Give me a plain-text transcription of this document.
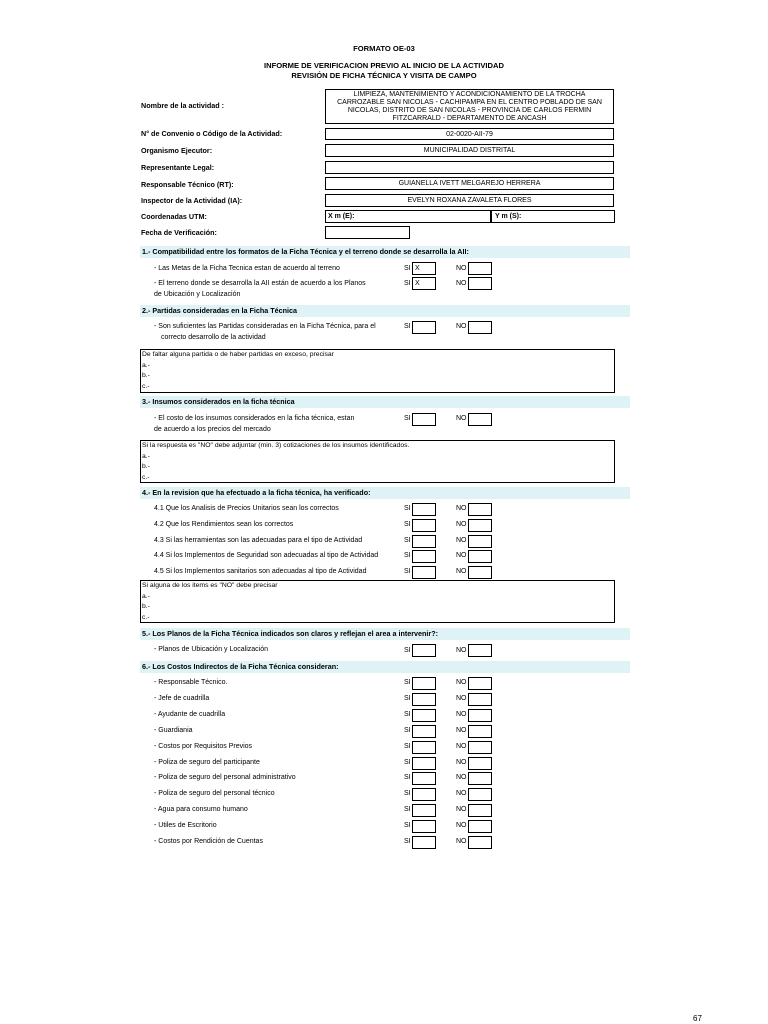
FORMATO OE-03
INFORME DE VERIFICACION PREVIO AL INICIO DE LA ACTIVIDAD
REVISIÓN DE FICHA TÉCNICA Y VISITA DE CAMPO
Nombre de la actividad :
LIMPIEZA, MANTENIMIENTO Y ACONDICIONAMIENTO DE LA TROCHA CARROZABLE SAN NICOLAS - CACHIPAMPA EN EL CENTRO POBLADO DE SAN NICOLAS, DISTRITO DE SAN NICOLAS - PROVINCIA DE CARLOS FERMIN FITZCARRALD - DEPARTAMENTO DE ANCASH
N° de Convenio o Código de la Actividad:	02-0020-AII-79
Organismo Ejecutor:	MUNICIPALIDAD DISTRITAL
Representante Legal:
Responsable Técnico (RT):	GUIANELLA IVETT MELGAREJO HERRERA
Inspector de la Actividad (IA):	EVELYN ROXANA ZAVALETA FLORES
Coordenadas UTM:	X m (E):	Y m (S):
Fecha de Verificación:
1.- Compatibilidad entre los formatos de la Ficha Técnica y el terreno donde se desarrolla la AII:
- Las Metas de la Ficha Tecnica estan de acuerdo al terreno	SI X	NO
- El terreno donde se desarrolla la AII están de acuerdo a los Planos
de Ubicación y Localización
SI X	NO
2.- Partidas consideradas en la Ficha Técnica
- Son suficientes las Partidas consideradas en la Ficha Técnica, para el
correcto desarrollo de la actividad
SI	NO
De faltar alguna partida o de haber partidas en exceso, precisar
a.-
b.-
c.-
3.- Insumos considerados en la ficha técnica
- El costo de los insumos considerados en la ficha técnica, estan
de acuerdo a los precios del mercado
SI	NO
Si la respuesta es "NO" debe adjuntar (min. 3) cotizaciones de los insumos identificados.
a.-
b.-
c.-
4.- En la revision que ha efectuado a la ficha técnica, ha verificado:
4.1 Que los Analisis de Precios Unitarios sean los correctos	SI	NO
4.2 Que los Rendimientos sean los correctos	SI	NO
4.3 Si las herramientas son las adecuadas para el tipo de Actividad	SI	NO
4.4 Si los Implementos de Seguridad son adecuadas al tipo de Actividad	SI	NO
4.5 Si los Implementos sanitarios son adecuadas al tipo de Actividad	SI	NO
Si alguna de los items es "NO" debe precisar
a.-
b.-
c.-
5.- Los Planos de la Ficha Técnica indicados son claros y reflejan el area a intervenir?:
- Planos de Ubicación y Localización	SI	NO
6.- Los Costos Indirectos de la Ficha Técnica consideran:
- Responsable Técnico.	SI	NO
- Jefe de cuadrilla	SI	NO
- Ayudante de cuadrilla	SI	NO
- Guardiania	SI	NO
- Costos por Requisitos Previos	SI	NO
- Poliza de seguro del participante	SI	NO
- Poliza de seguro del personal administrativo	SI	NO
- Poliza de seguro del personal técnico	SI	NO
- Agua para consumo humano	SI	NO
- Utiles de Escritorio	SI	NO
- Costos por Rendición de Cuentas	SI	NO
67
